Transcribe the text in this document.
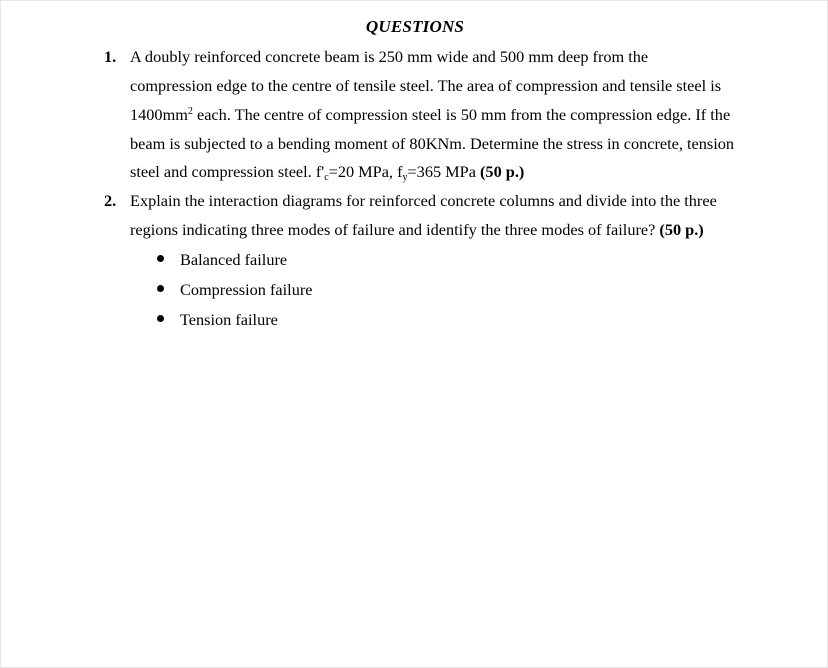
QUESTIONS
1. A doubly reinforced concrete beam is 250 mm wide and 500 mm deep from the
compression edge to the centre of tensile steel. The area of compression and tensile steel is
$1400mm^2$ each. The centre of compression steel is 50 mm from the compression edge. If the
beam is subjected to a bending moment of 80KNm. Determine the stress in concrete, tension
steel and compression steel. $f'_c=20$ MPa, $f_y=365$ MPa (50 p.)
2. Explain the interaction diagrams for reinforced concrete columns and divide into the three
regions indicating three modes of failure and identify the three modes of failure? (50 p.)
Balanced failure
Compression failure
Tension failure
